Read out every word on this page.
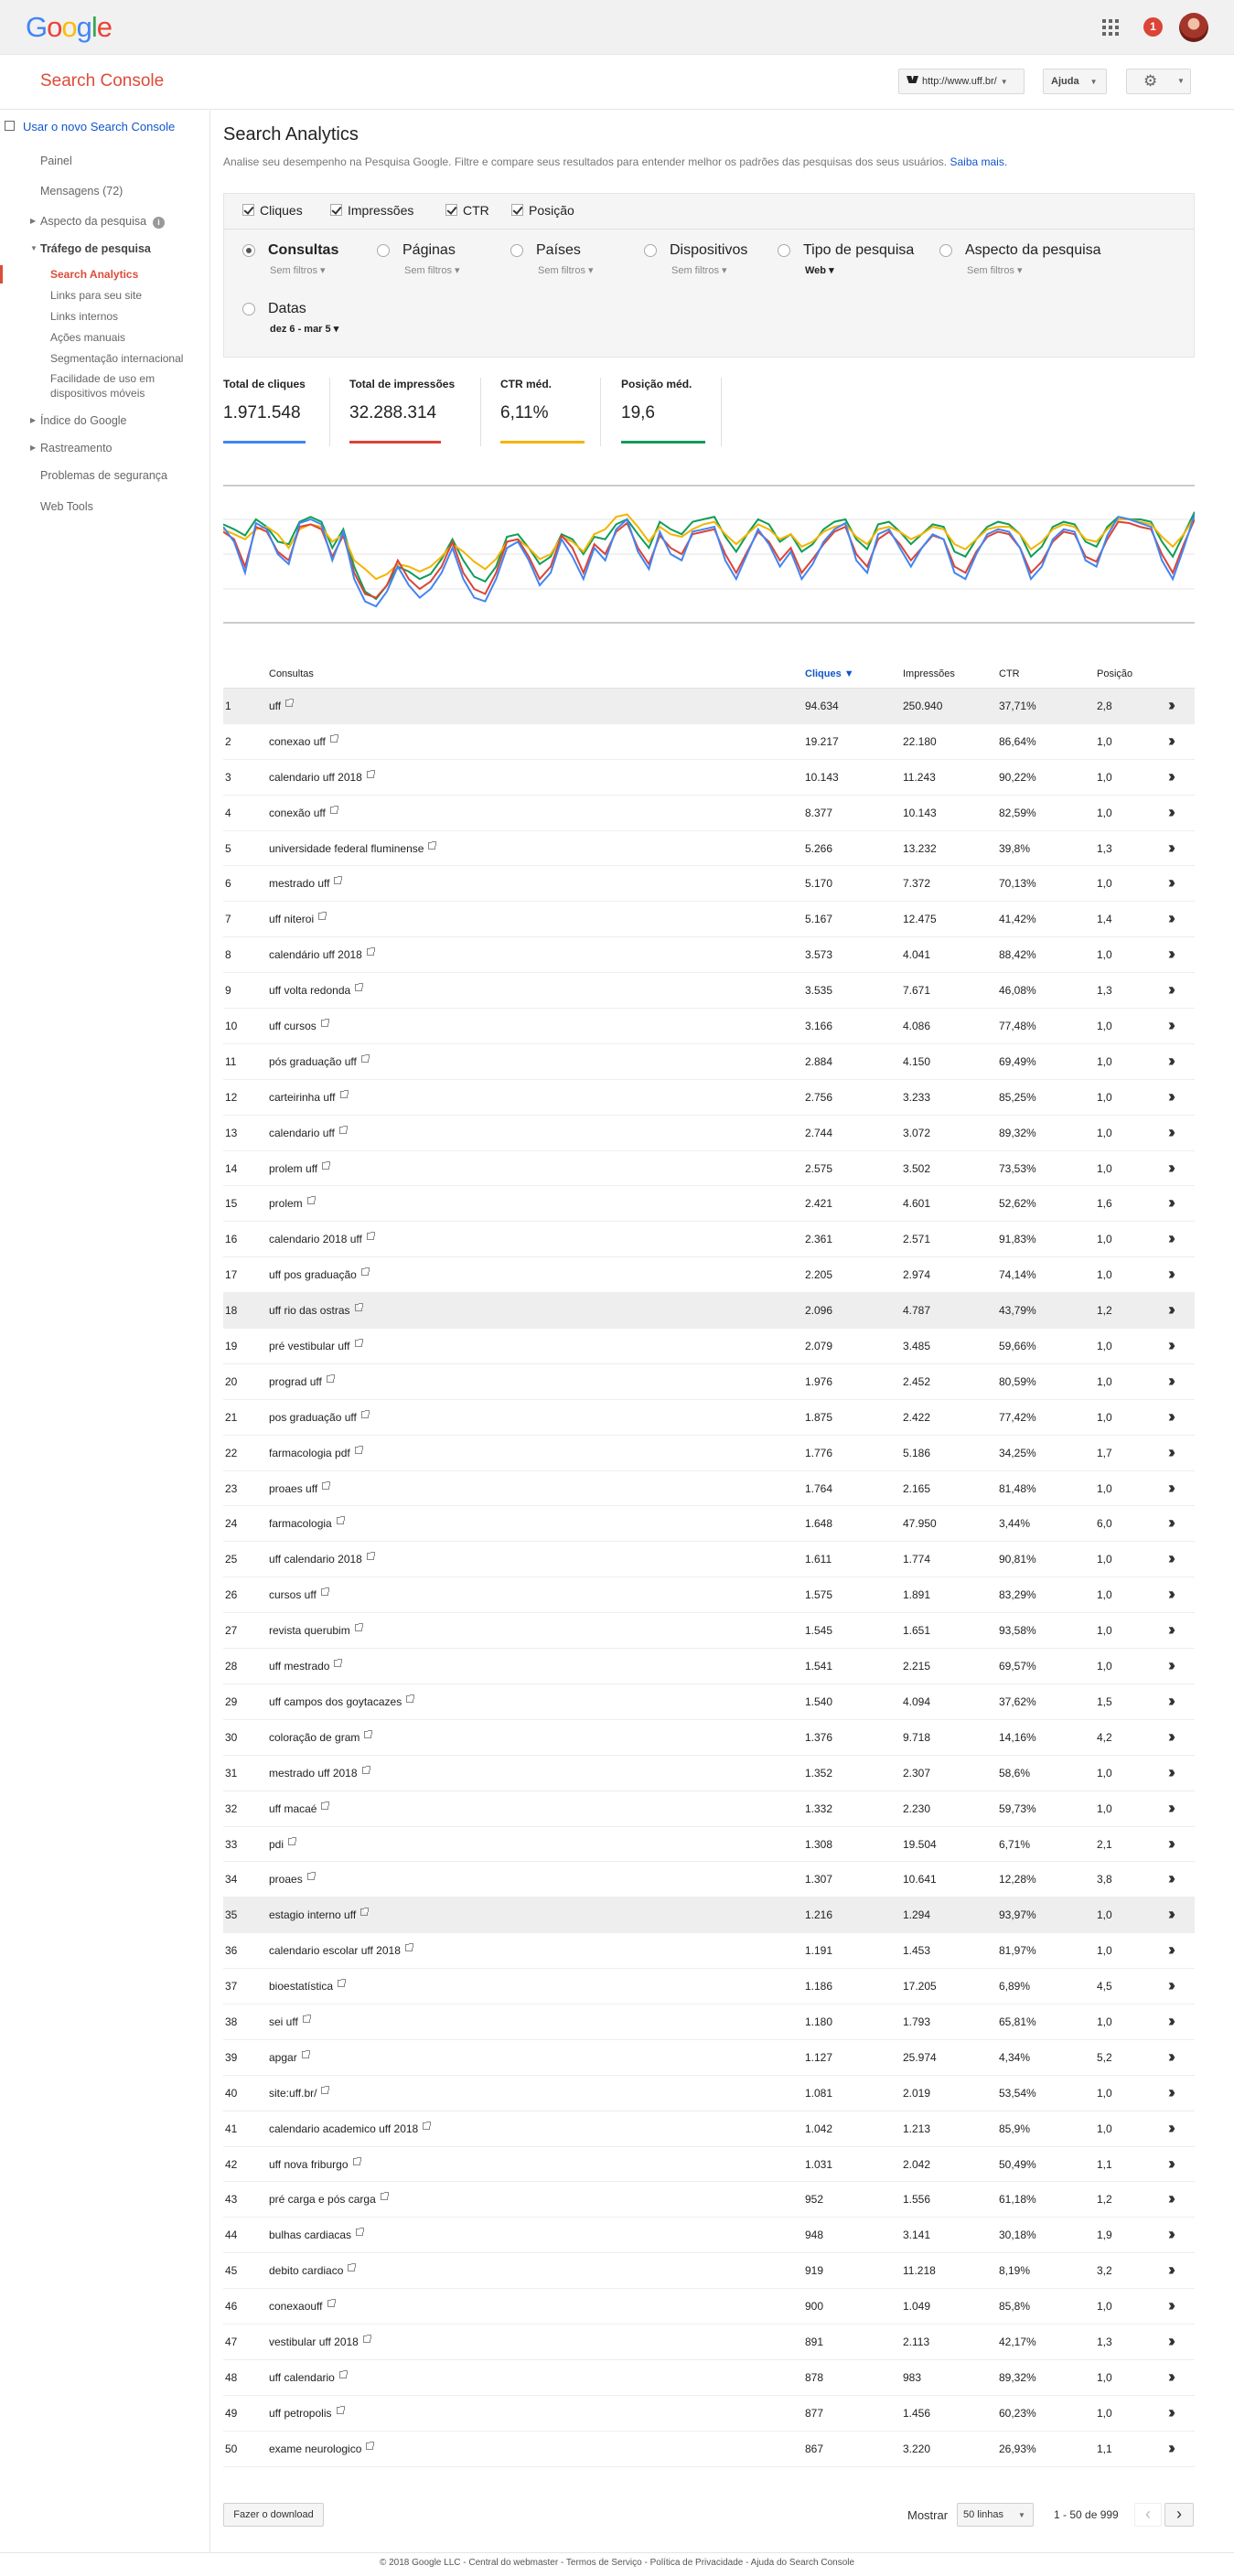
Google	1
Search Console	http://www.uff.br/ ▼	Ajuda ▼	⚙	▼
Usar o novo Search Console
Painel
Mensagens (72)
▶ Aspecto da pesquisa i
▼ Tráfego de pesquisa
Search Analytics
Links para seu site
Links internos
Ações manuais
Segmentação internacional
Facilidade de uso em dispositivos móveis
▶ Índice do Google
▶ Rastreamento
Problemas de segurança
Web Tools
Search Analytics
Analise seu desempenho na Pesquisa Google. Filtre e compare seus resultados para entender melhor os padrões das pesquisas dos seus usuários. Saiba mais.
Cliques	Impressões	CTR	Posição
Consultas
Sem filtros ▾
Páginas
Sem filtros ▾
Países
Sem filtros ▾
Dispositivos
Sem filtros ▾
Tipo de pesquisa
Web ▾
Aspecto da pesquisa
Sem filtros ▾
Datas
dez 6 - mar 5 ▾
Total de cliques
1.971.548
Total de impressões
32.288.314
CTR méd.
6,11%
Posição méd.
19,6
Consultas	Cliques ▼	Impressões	CTR	Posição
1	uff	94.634	250.940	37,71%	2,8	››
2	conexao uff	19.217	22.180	86,64%	1,0	››
3	calendario uff 2018	10.143	11.243	90,22%	1,0	››
4	conexão uff	8.377	10.143	82,59%	1,0	››
5	universidade federal fluminense	5.266	13.232	39,8%	1,3	››
6	mestrado uff	5.170	7.372	70,13%	1,0	››
7	uff niteroi	5.167	12.475	41,42%	1,4	››
8	calendário uff 2018	3.573	4.041	88,42%	1,0	››
9	uff volta redonda	3.535	7.671	46,08%	1,3	››
10	uff cursos	3.166	4.086	77,48%	1,0	››
11	pós graduação uff	2.884	4.150	69,49%	1,0	››
12	carteirinha uff	2.756	3.233	85,25%	1,0	››
13	calendario uff	2.744	3.072	89,32%	1,0	››
14	prolem uff	2.575	3.502	73,53%	1,0	››
15	prolem	2.421	4.601	52,62%	1,6	››
16	calendario 2018 uff	2.361	2.571	91,83%	1,0	››
17	uff pos graduação	2.205	2.974	74,14%	1,0	››
18	uff rio das ostras	2.096	4.787	43,79%	1,2	››
19	pré vestibular uff	2.079	3.485	59,66%	1,0	››
20	prograd uff	1.976	2.452	80,59%	1,0	››
21	pos graduação uff	1.875	2.422	77,42%	1,0	››
22	farmacologia pdf	1.776	5.186	34,25%	1,7	››
23	proaes uff	1.764	2.165	81,48%	1,0	››
24	farmacologia	1.648	47.950	3,44%	6,0	››
25	uff calendario 2018	1.611	1.774	90,81%	1,0	››
26	cursos uff	1.575	1.891	83,29%	1,0	››
27	revista querubim	1.545	1.651	93,58%	1,0	››
28	uff mestrado	1.541	2.215	69,57%	1,0	››
29	uff campos dos goytacazes	1.540	4.094	37,62%	1,5	››
30	coloração de gram	1.376	9.718	14,16%	4,2	››
31	mestrado uff 2018	1.352	2.307	58,6%	1,0	››
32	uff macaé	1.332	2.230	59,73%	1,0	››
33	pdi	1.308	19.504	6,71%	2,1	››
34	proaes	1.307	10.641	12,28%	3,8	››
35	estagio interno uff	1.216	1.294	93,97%	1,0	››
36	calendario escolar uff 2018	1.191	1.453	81,97%	1,0	››
37	bioestatística	1.186	17.205	6,89%	4,5	››
38	sei uff	1.180	1.793	65,81%	1,0	››
39	apgar	1.127	25.974	4,34%	5,2	››
40	site:uff.br/	1.081	2.019	53,54%	1,0	››
41	calendario academico uff 2018	1.042	1.213	85,9%	1,0	››
42	uff nova friburgo	1.031	2.042	50,49%	1,1	››
43	pré carga e pós carga	952	1.556	61,18%	1,2	››
44	bulhas cardiacas	948	3.141	30,18%	1,9	››
45	debito cardiaco	919	11.218	8,19%	3,2	››
46	conexaouff	900	1.049	85,8%	1,0	››
47	vestibular uff 2018	891	2.113	42,17%	1,3	››
48	uff calendario	878	983	89,32%	1,0	››
49	uff petropolis	877	1.456	60,23%	1,0	››
50	exame neurologico	867	3.220	26,93%	1,1	››
Fazer o download	Mostrar	50 linhas ▼	1 - 50 de 999	‹	›
© 2018 Google LLC - Central do webmaster - Termos de Serviço - Política de Privacidade - Ajuda do Search Console
